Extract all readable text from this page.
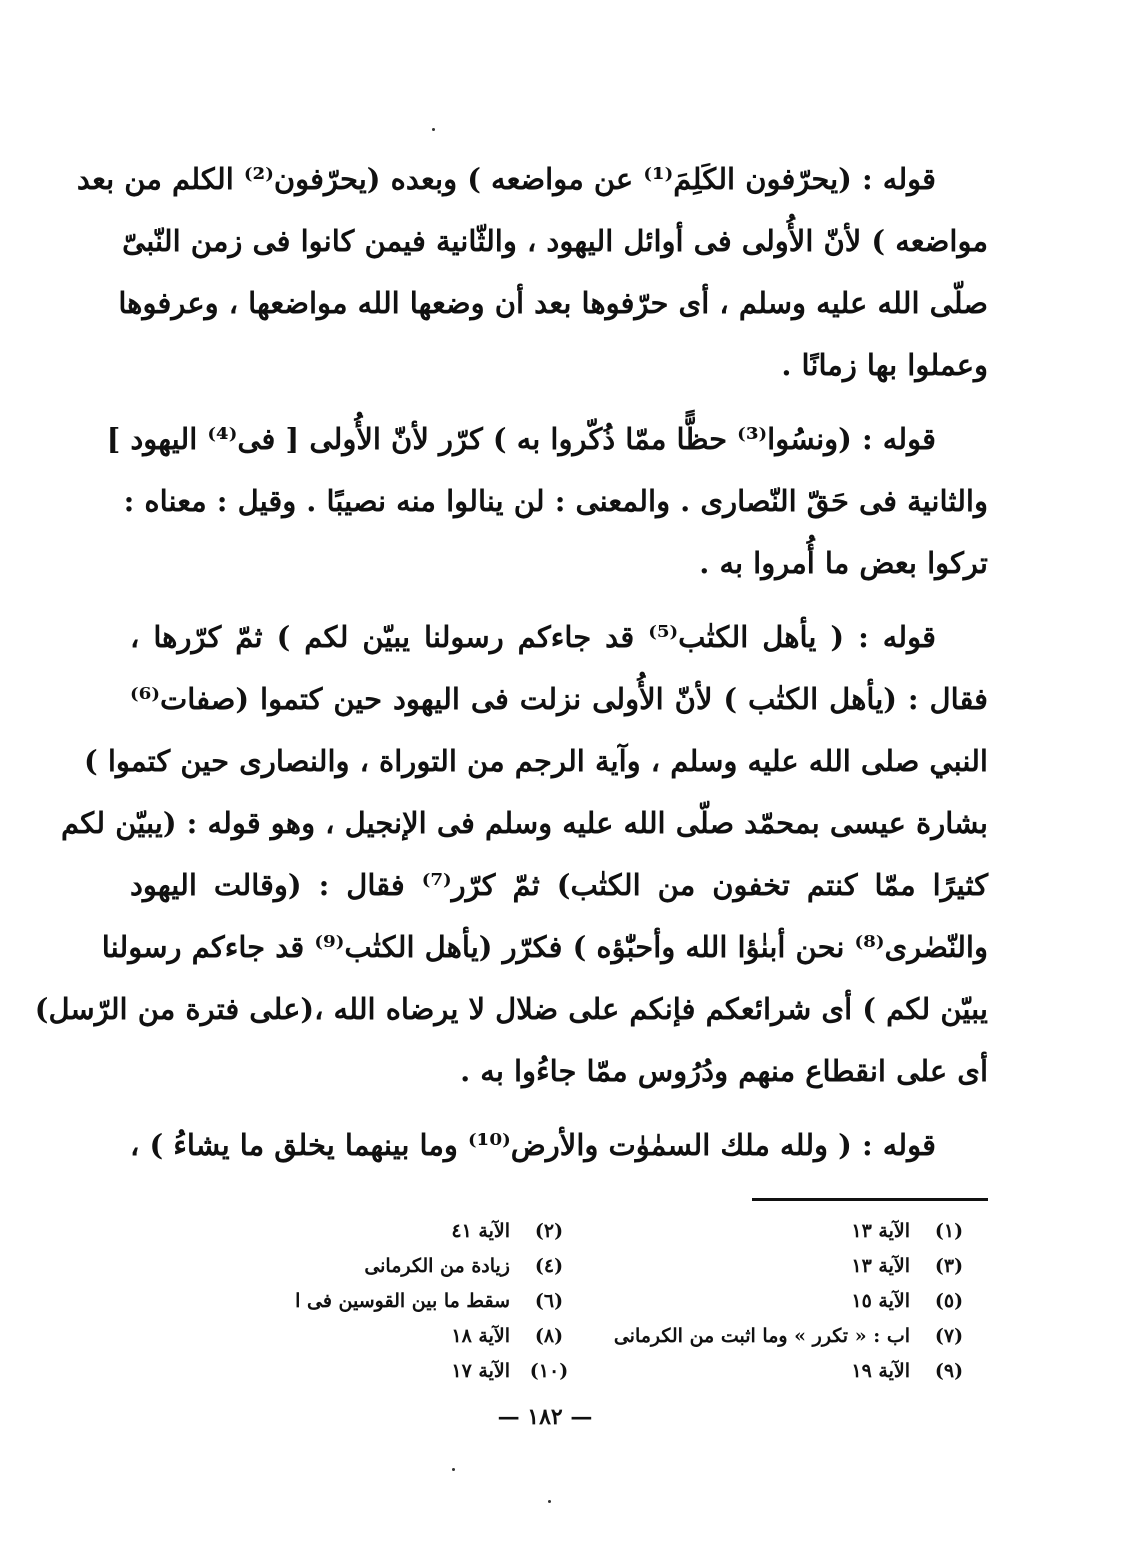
قوله : (يحرّفون الكَلِمَ⁽¹⁾ عن مواضعه ) وبعده (يحرّفون⁽²⁾ الكلم من بعد
مواضعه ) لأنّ الأُولى فى أوائل اليهود ، والثّانية فيمن كانوا فى زمن النّبىّ
صلّى الله عليه وسلم ، أى حرّفوها بعد أن وضعها الله مواضعها ، وعرفوها
وعملوا بها زمانًا .

قوله : (ونسُوا⁽³⁾ حظًّا ممّا ذُكّروا به ) كرّر لأنّ الأُولى [ فى⁽⁴⁾ اليهود ]
والثانية فى حَقّ النّصارى . والمعنى : لن ينالوا منه نصيبًا . وقيل : معناه :
تركوا بعض ما أُمروا به .

قوله : ( يأهل الكتٰب⁽⁵⁾ قد جاءكم رسولنا يبيّن لكم ) ثمّ كرّرها ،
فقال : (يأهل الكتٰب ) لأنّ الأُولى نزلت فى اليهود حين كتموا (صفات⁽⁶⁾
النبي صلى الله عليه وسلم ، وآية الرجم من التوراة ، والنصارى حين كتموا )
بشارة عيسى بمحمّد صلّى الله عليه وسلم فى الإنجيل ، وهو قوله : (يبيّن لكم
كثيرًا ممّا كنتم تخفون من الكتٰب) ثمّ كرّر⁽⁷⁾ فقال : (وقالت اليهود
والنّصٰرى⁽⁸⁾ نحن أبنٰؤا الله وأحبّٰؤه ) فكرّر (يأهل الكتٰب⁽⁹⁾ قد جاءكم رسولنا
يبيّن لكم ) أى شرائعكم فإنكم على ضلال لا يرضاه الله ،(على فترة من الرّسل)
أى على انقطاع منهم ودُرُوس ممّا جاءُوا به .

قوله : ( ولله ملك السمٰوٰت والأرض⁽¹⁰⁾ وما بينهما يخلق ما يشاءُ ) ،

(١)
الآية ١٣
(٢)
الآية ٤١
(٣)
الآية ١٣
(٤)
زيادة من الكرمانى
(٥)
الآية ١٥
(٦)
سقط ما بين القوسين فى ا
(٧)
اب : « تكرر » وما اثبت من الكرمانى
(٨)
الآية ١٨
(٩)
الآية ١٩
(١٠)
الآية ١٧
— ١٨٢ —
